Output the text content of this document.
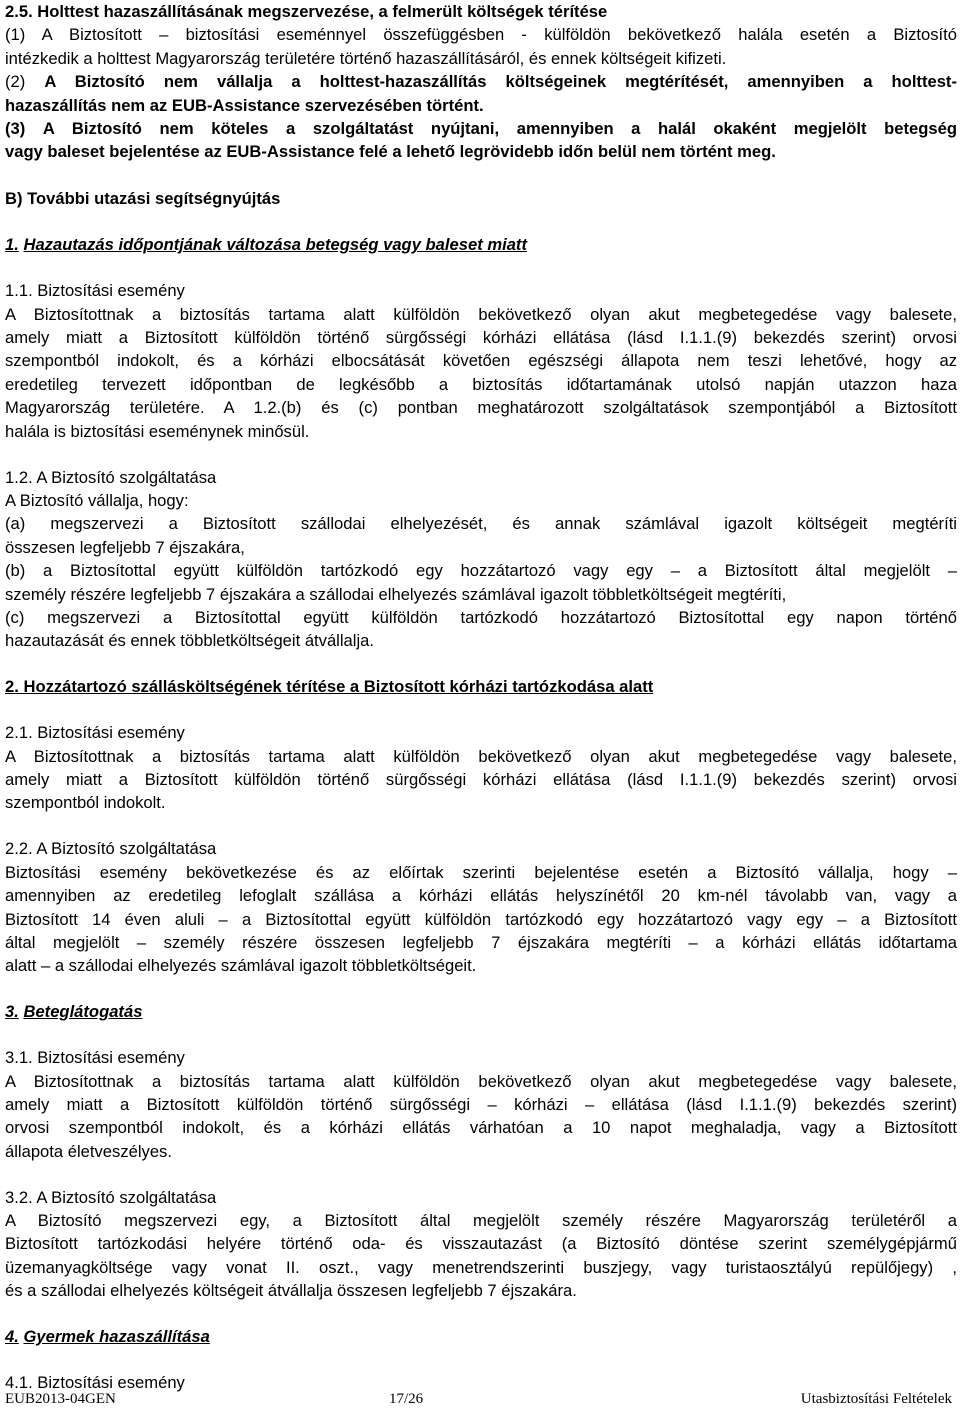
2.5. Holttest hazaszállításának megszervezése, a felmerült költségek térítése

(1) A Biztosított – biztosítási eseménnyel összefüggésben - külföldön bekövetkező halála esetén a Biztosító

intézkedik a holttest Magyarország területére történő hazaszállításáról, és ennek költségeit kifizeti.

(2) A Biztosító nem vállalja a holttest-hazaszállítás költségeinek megtérítését, amennyiben a holttest-

hazaszállítás nem az EUB-Assistance szervezésében történt.

(3) A Biztosító nem köteles a szolgáltatást nyújtani, amennyiben a halál okaként megjelölt betegség

vagy baleset bejelentése az EUB-Assistance felé a lehető legrövidebb időn belül nem történt meg.

B) További utazási segítségnyújtás

1. Hazautazás időpontjának változása betegség vagy baleset miatt

1.1. Biztosítási esemény

A Biztosítottnak a biztosítás tartama alatt külföldön bekövetkező olyan akut megbetegedése vagy balesete,

amely miatt a Biztosított külföldön történő sürgősségi kórházi ellátása (lásd I.1.1.(9) bekezdés szerint) orvosi

szempontból indokolt, és a kórházi elbocsátását követően egészségi állapota nem teszi lehetővé, hogy az

eredetileg tervezett időpontban de legkésőbb a biztosítás időtartamának utolsó napján utazzon haza

Magyarország területére. A 1.2.(b) és (c) pontban meghatározott szolgáltatások szempontjából a Biztosított

halála is biztosítási eseménynek minősül.

1.2. A Biztosító szolgáltatása

A Biztosító vállalja, hogy:

(a) megszervezi a Biztosított szállodai elhelyezését, és annak számlával igazolt költségeit megtéríti

összesen legfeljebb 7 éjszakára,

(b) a Biztosítottal együtt külföldön tartózkodó egy hozzátartozó vagy egy – a Biztosított által megjelölt –

személy részére legfeljebb 7 éjszakára a szállodai elhelyezés számlával igazolt többletköltségeit megtéríti,

(c) megszervezi a Biztosítottal együtt külföldön tartózkodó hozzátartozó Biztosítottal egy napon történő

hazautazását és ennek többletköltségeit átvállalja.

2. Hozzátartozó szállásköltségének térítése a Biztosított kórházi tartózkodása alatt

2.1. Biztosítási esemény

A Biztosítottnak a biztosítás tartama alatt külföldön bekövetkező olyan akut megbetegedése vagy balesete,

amely miatt a Biztosított külföldön történő sürgősségi kórházi ellátása (lásd I.1.1.(9) bekezdés szerint) orvosi

szempontból indokolt.

2.2. A Biztosító szolgáltatása

Biztosítási esemény bekövetkezése és az előírtak szerinti bejelentése esetén a Biztosító vállalja, hogy –

amennyiben az eredetileg lefoglalt szállása a kórházi ellátás helyszínétől 20 km-nél távolabb van, vagy a

Biztosított 14 éven aluli – a Biztosítottal együtt külföldön tartózkodó egy hozzátartozó vagy egy – a Biztosított

által megjelölt – személy részére összesen legfeljebb 7 éjszakára megtéríti – a kórházi ellátás időtartama

alatt – a szállodai elhelyezés számlával igazolt többletköltségeit.

3. Beteglátogatás

3.1. Biztosítási esemény

A Biztosítottnak a biztosítás tartama alatt külföldön bekövetkező olyan akut megbetegedése vagy balesete,

amely miatt a Biztosított külföldön történő sürgősségi – kórházi – ellátása (lásd I.1.1.(9) bekezdés szerint)

orvosi szempontból indokolt, és a kórházi ellátás várhatóan a 10 napot meghaladja, vagy a Biztosított

állapota életveszélyes.

3.2. A Biztosító szolgáltatása

A Biztosító megszervezi egy, a Biztosított által megjelölt személy részére Magyarország területéről a

Biztosított tartózkodási helyére történő oda- és visszautazást (a Biztosító döntése szerint személygépjármű

üzemanyagköltsége vagy vonat II. oszt., vagy menetrendszerinti buszjegy, vagy turistaosztályú repülőjegy) ,

és a szállodai elhelyezés költségeit átvállalja összesen legfeljebb 7 éjszakára.

4. Gyermek hazaszállítása

4.1. Biztosítási esemény

EUB2013-04GEN	17/26	Utasbiztosítási Feltételek
